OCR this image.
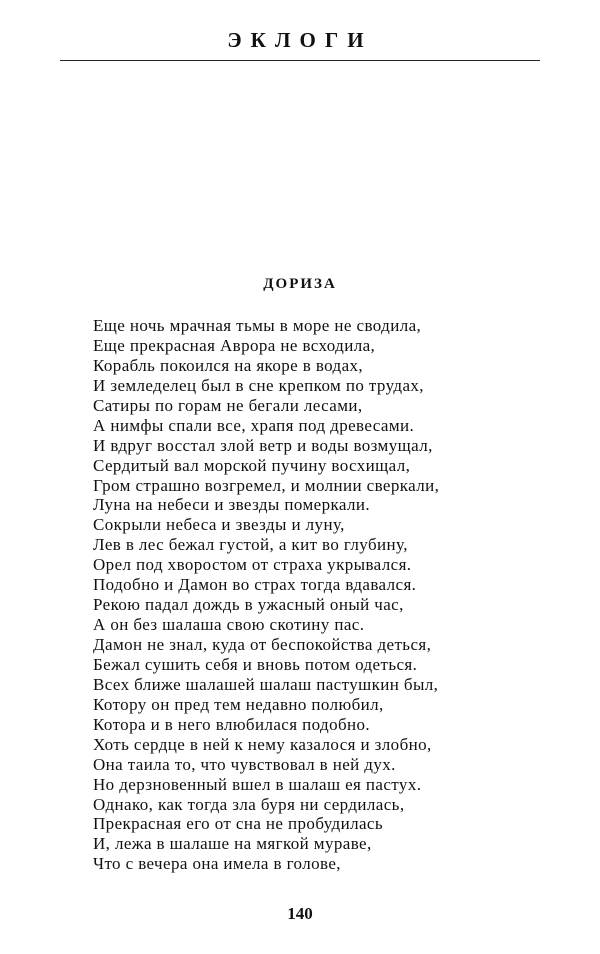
ЭКЛОГИ
ДОРИЗА
Еще ночь мрачная тьмы в море не сводила,
Еще прекрасная Аврора не всходила,
Корабль покоился на якоре в водах,
И земледелец был в сне крепком по трудах,
Сатиры по горам не бегали лесами,
А нимфы спали все, храпя под древесами.
И вдруг восстал злой ветр и воды возмущал,
Сердитый вал морской пучину восхищал,
Гром страшно возгремел, и молнии сверкали,
Луна на небеси и звезды померкали.
Сокрыли небеса и звезды и луну,
Лев в лес бежал густой, а кит во глубину,
Орел под хворостом от страха укрывался.
Подобно и Дамон во страх тогда вдавался.
Рекою падал дождь в ужасный оный час,
А он без шалаша свою скотину пас.
Дамон не знал, куда от беспокойства деться,
Бежал сушить себя и вновь потом одеться.
Всех ближе шалашей шалаш пастушкин был,
Котору он пред тем недавно полюбил,
Котора и в него влюбилася подобно.
Хоть сердце в ней к нему казалося и злобно,
Она таила то, что чувствовал в ней дух.
Но дерзновенный вшел в шалаш ея пастух.
Однако, как тогда зла буря ни сердилась,
Прекрасная его от сна не пробудилась
И, лежа в шалаше на мягкой мураве,
Что с вечера она имела в голове,
140
